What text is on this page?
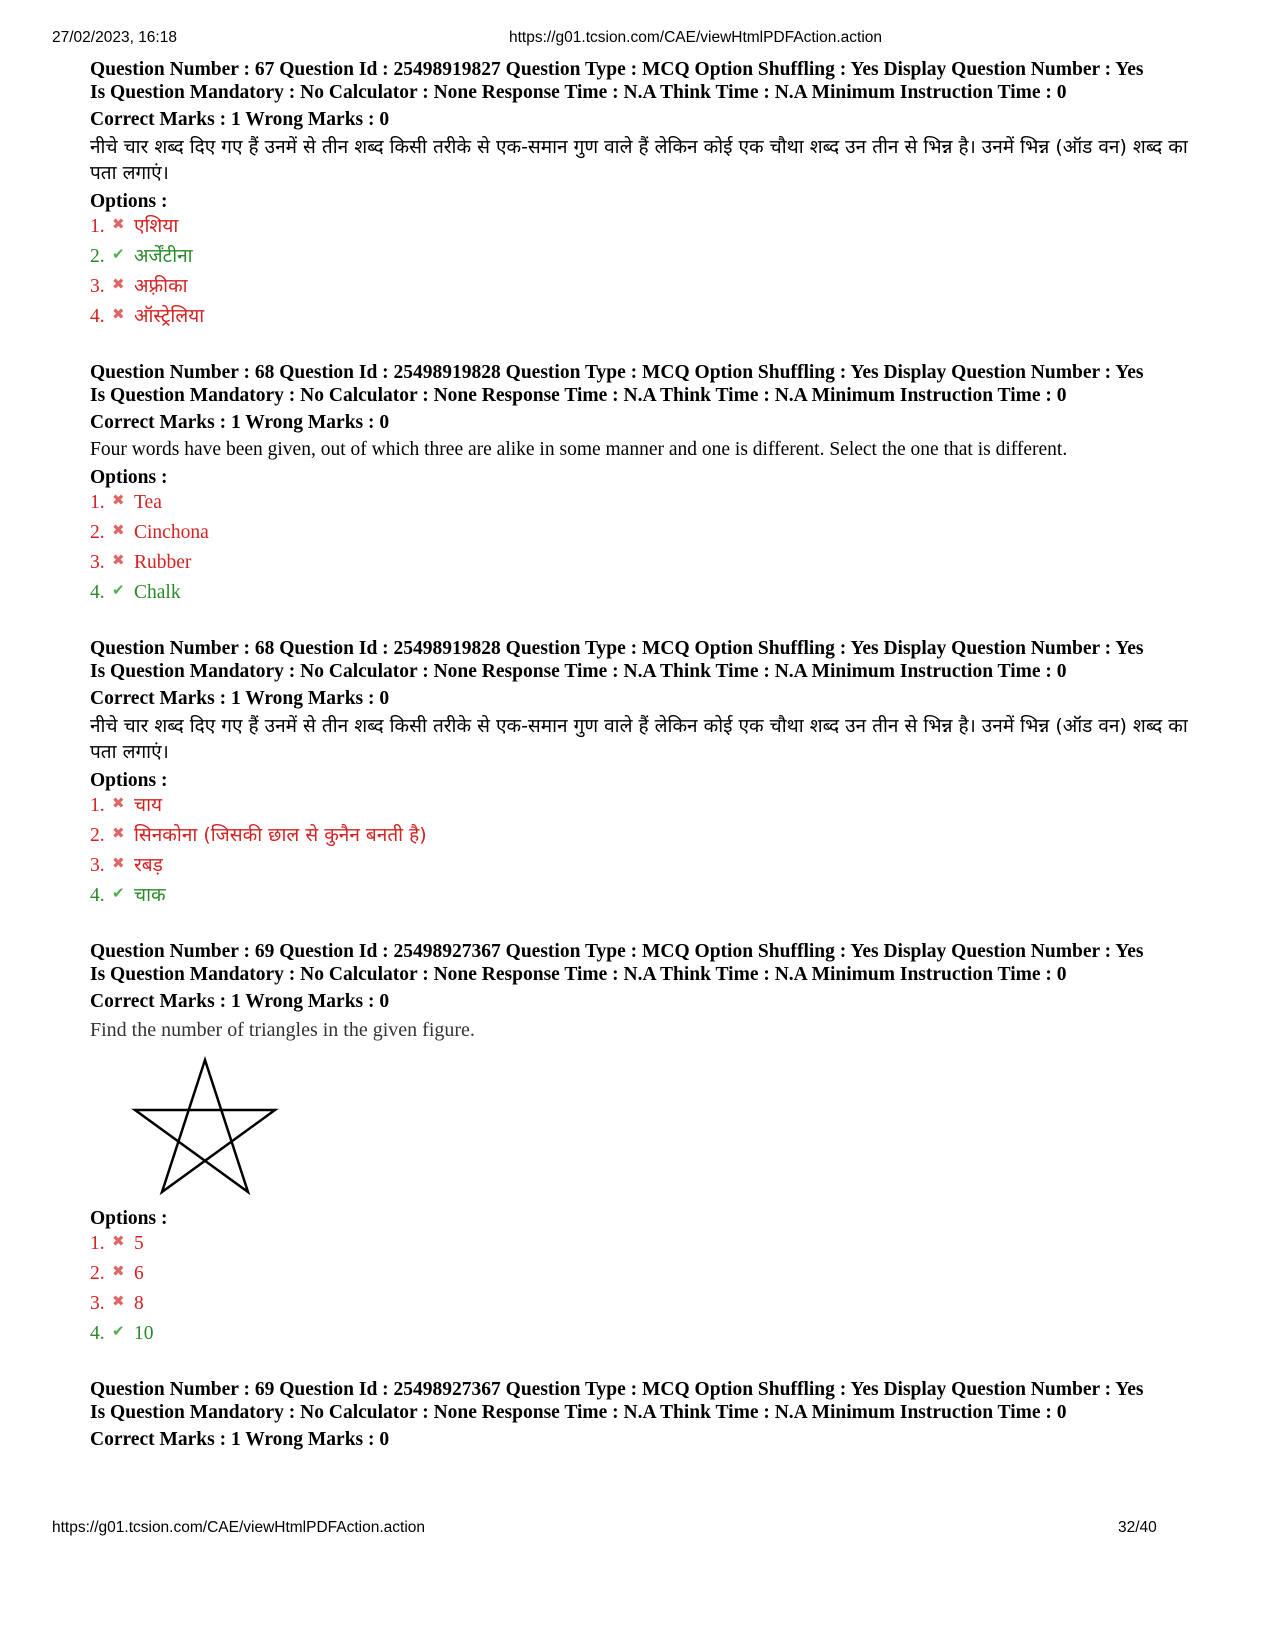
27/02/2023, 16:18	https://g01.tcsion.com/CAE/viewHtmlPDFAction.action
Question Number : 67 Question Id : 25498919827 Question Type : MCQ Option Shuffling : Yes Display Question Number : Yes
Is Question Mandatory : No Calculator : None Response Time : N.A Think Time : N.A Minimum Instruction Time : 0
Correct Marks : 1 Wrong Marks : 0
नीचे चार शब्द दिए गए हैं उनमें से तीन शब्द किसी तरीके से एक-समान गुण वाले हैं लेकिन कोई एक चौथा शब्द उन तीन से भिन्न है। उनमें भिन्न (ऑड वन) शब्द का पता लगाएं।
Options :
1. ✖ एशिया
2. ✔ अर्जेंटीना
3. ✖ अफ़्रीका
4. ✖ ऑस्ट्रेलिया
Question Number : 68 Question Id : 25498919828 Question Type : MCQ Option Shuffling : Yes Display Question Number : Yes
Is Question Mandatory : No Calculator : None Response Time : N.A Think Time : N.A Minimum Instruction Time : 0
Correct Marks : 1 Wrong Marks : 0
Four words have been given, out of which three are alike in some manner and one is different. Select the one that is different.
Options :
1. ✖ Tea
2. ✖ Cinchona
3. ✖ Rubber
4. ✔ Chalk
Question Number : 68 Question Id : 25498919828 Question Type : MCQ Option Shuffling : Yes Display Question Number : Yes
Is Question Mandatory : No Calculator : None Response Time : N.A Think Time : N.A Minimum Instruction Time : 0
Correct Marks : 1 Wrong Marks : 0
नीचे चार शब्द दिए गए हैं उनमें से तीन शब्द किसी तरीके से एक-समान गुण वाले हैं लेकिन कोई एक चौथा शब्द उन तीन से भिन्न है। उनमें भिन्न (ऑड वन) शब्द का पता लगाएं।
Options :
1. ✖ चाय
2. ✖ सिनकोना (जिसकी छाल से कुनैन बनती है)
3. ✖ रबड़
4. ✔ चाक
Question Number : 69 Question Id : 25498927367 Question Type : MCQ Option Shuffling : Yes Display Question Number : Yes
Is Question Mandatory : No Calculator : None Response Time : N.A Think Time : N.A Minimum Instruction Time : 0
Correct Marks : 1 Wrong Marks : 0
Find the number of triangles in the given figure.
Options :
1. ✖ 5
2. ✖ 6
3. ✖ 8
4. ✔ 10
Question Number : 69 Question Id : 25498927367 Question Type : MCQ Option Shuffling : Yes Display Question Number : Yes
Is Question Mandatory : No Calculator : None Response Time : N.A Think Time : N.A Minimum Instruction Time : 0
Correct Marks : 1 Wrong Marks : 0
https://g01.tcsion.com/CAE/viewHtmlPDFAction.action	32/40
